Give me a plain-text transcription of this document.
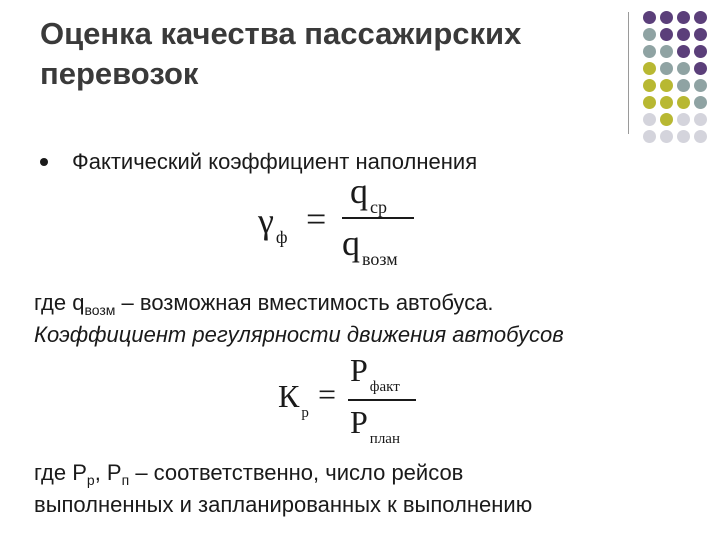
Оценка качества пассажирских перевозок
Фактический коэффициент наполнения
γ $_ф$ =
q $_{ср}$
q $_{возм}$
где $q_{возм}$ – возможная вместимость автобуса.
Коэффициент регулярности движения автобусов
К $_р$
=
Р $_{факт}$
Р $_{план}$
где $Р_р$, $Р_п$ – соответственно, число рейсов
выполненных и запланированных к выполнению
